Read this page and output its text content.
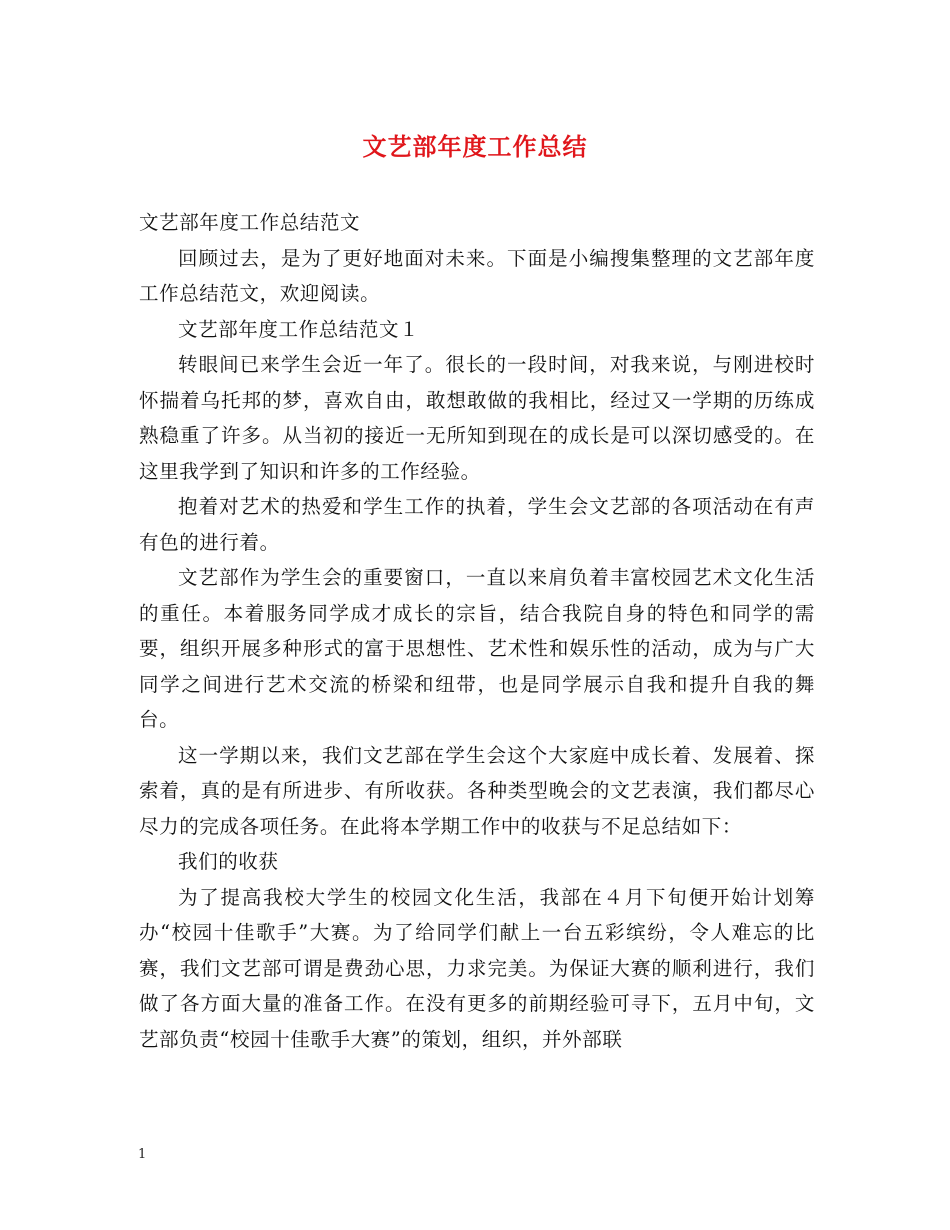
文艺部年度工作总结

文艺部年度工作总结范文

回顾过去，是为了更好地面对未来。下面是小编搜集整理的文艺部年度工作总结范文，欢迎阅读。

文艺部年度工作总结范文１

转眼间已来学生会近一年了。很长的一段时间，对我来说，与刚进校时怀揣着乌托邦的梦，喜欢自由，敢想敢做的我相比，经过又一学期的历练成熟稳重了许多。从当初的接近一无所知到现在的成长是可以深切感受的。在这里我学到了知识和许多的工作经验。

抱着对艺术的热爱和学生工作的执着，学生会文艺部的各项活动在有声有色的进行着。

文艺部作为学生会的重要窗口，一直以来肩负着丰富校园艺术文化生活的重任。本着服务同学成才成长的宗旨，结合我院自身的特色和同学的需要，组织开展多种形式的富于思想性、艺术性和娱乐性的活动，成为与广大同学之间进行艺术交流的桥梁和纽带，也是同学展示自我和提升自我的舞台。

这一学期以来，我们文艺部在学生会这个大家庭中成长着、发展着、探索着，真的是有所进步、有所收获。各种类型晚会的文艺表演，我们都尽心尽力的完成各项任务。在此将本学期工作中的收获与不足总结如下：

我们的收获

为了提高我校大学生的校园文化生活，我部在４月下旬便开始计划筹办“校园十佳歌手”大赛。为了给同学们献上一台五彩缤纷，令人难忘的比赛，我们文艺部可谓是费劲心思，力求完美。为保证大赛的顺利进行，我们做了各方面大量的准备工作。在没有更多的前期经验可寻下，五月中旬，文艺部负责“校园十佳歌手大赛”的策划，组织，并外部联

1
